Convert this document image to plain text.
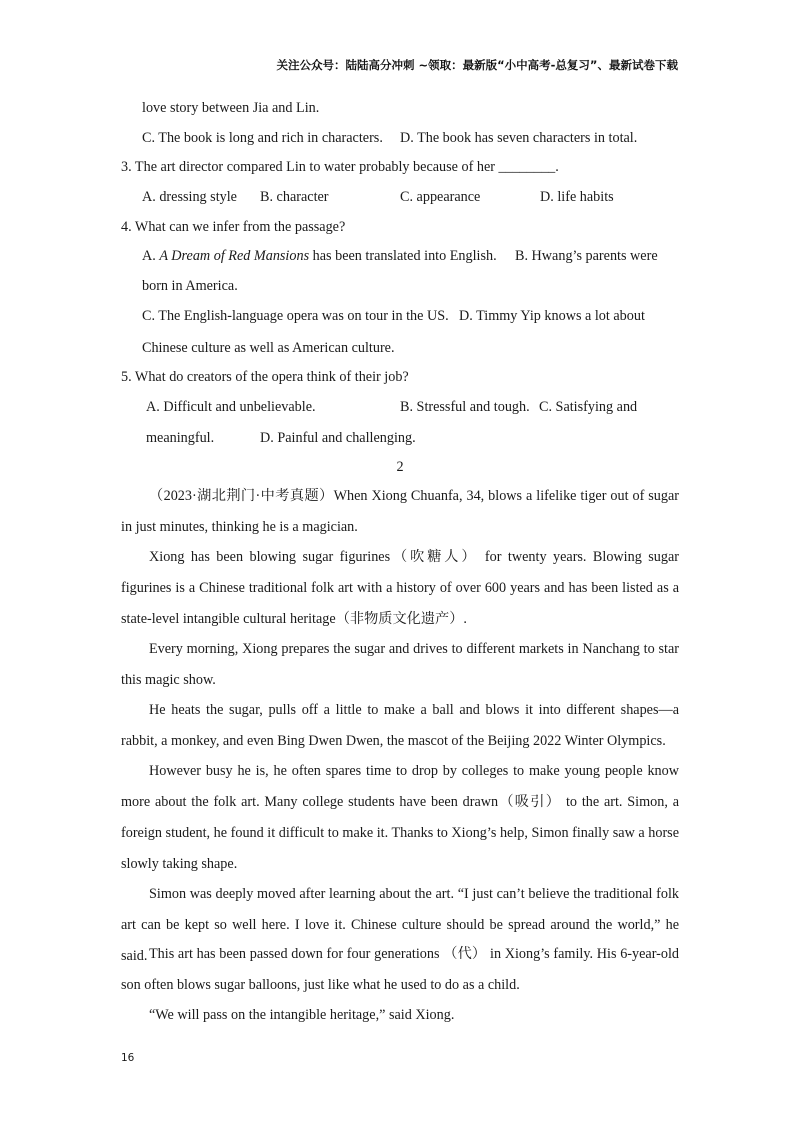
关注公众号：陆陆高分冲刺 ~领取：最新版“小中高考-总复习”、最新试卷下载
love story between Jia and Lin.
C. The book is long and rich in characters. D. The book has seven characters in total.
3. The art director compared Lin to water probably because of her ________.
A. dressing style B. character	C. appearance	D. life habits
4. What can we infer from the passage?
A. A Dream of Red Mansions has been translated into English. B. Hwang’s parents were
born in America.
C. The English-language opera was on tour in the US. D. Timmy Yip knows a lot about
Chinese culture as well as American culture.
5. What do creators of the opera think of their job?
A. Difficult and unbelievable.	B. Stressful and tough. C. Satisfying and
meaningful.	D. Painful and challenging.
2
（2023·湖北荆门·中考真题）When Xiong Chuanfa, 34, blows a lifelike tiger out of sugar in just minutes, thinking he is a magician.
Xiong has been blowing sugar figurines（吹糖人） for twenty years. Blowing sugar figurines is a Chinese traditional folk art with a history of over 600 years and has been listed as a state-level intangible cultural heritage（非物质文化遗产）.
Every morning, Xiong prepares the sugar and drives to different markets in Nanchang to star this magic show.
He heats the sugar, pulls off a little to make a ball and blows it into different shapes—a rabbit, a monkey, and even Bing Dwen Dwen, the mascot of the Beijing 2022 Winter Olympics.
However busy he is, he often spares time to drop by colleges to make young people know more about the folk art. Many college students have been drawn（吸引） to the art. Simon, a foreign student, he found it difficult to make it. Thanks to Xiong’s help, Simon finally saw a horse slowly taking shape.
Simon was deeply moved after learning about the art. “I just can’t believe the traditional folk art can be kept so well here. I love it. Chinese culture should be spread around the world,” he said. This art has been passed down for four generations （代） in Xiong’s family. His 6-year-old son often blows sugar balloons, just like what he used to do as a child.
“We will pass on the intangible heritage,” said Xiong.
16
